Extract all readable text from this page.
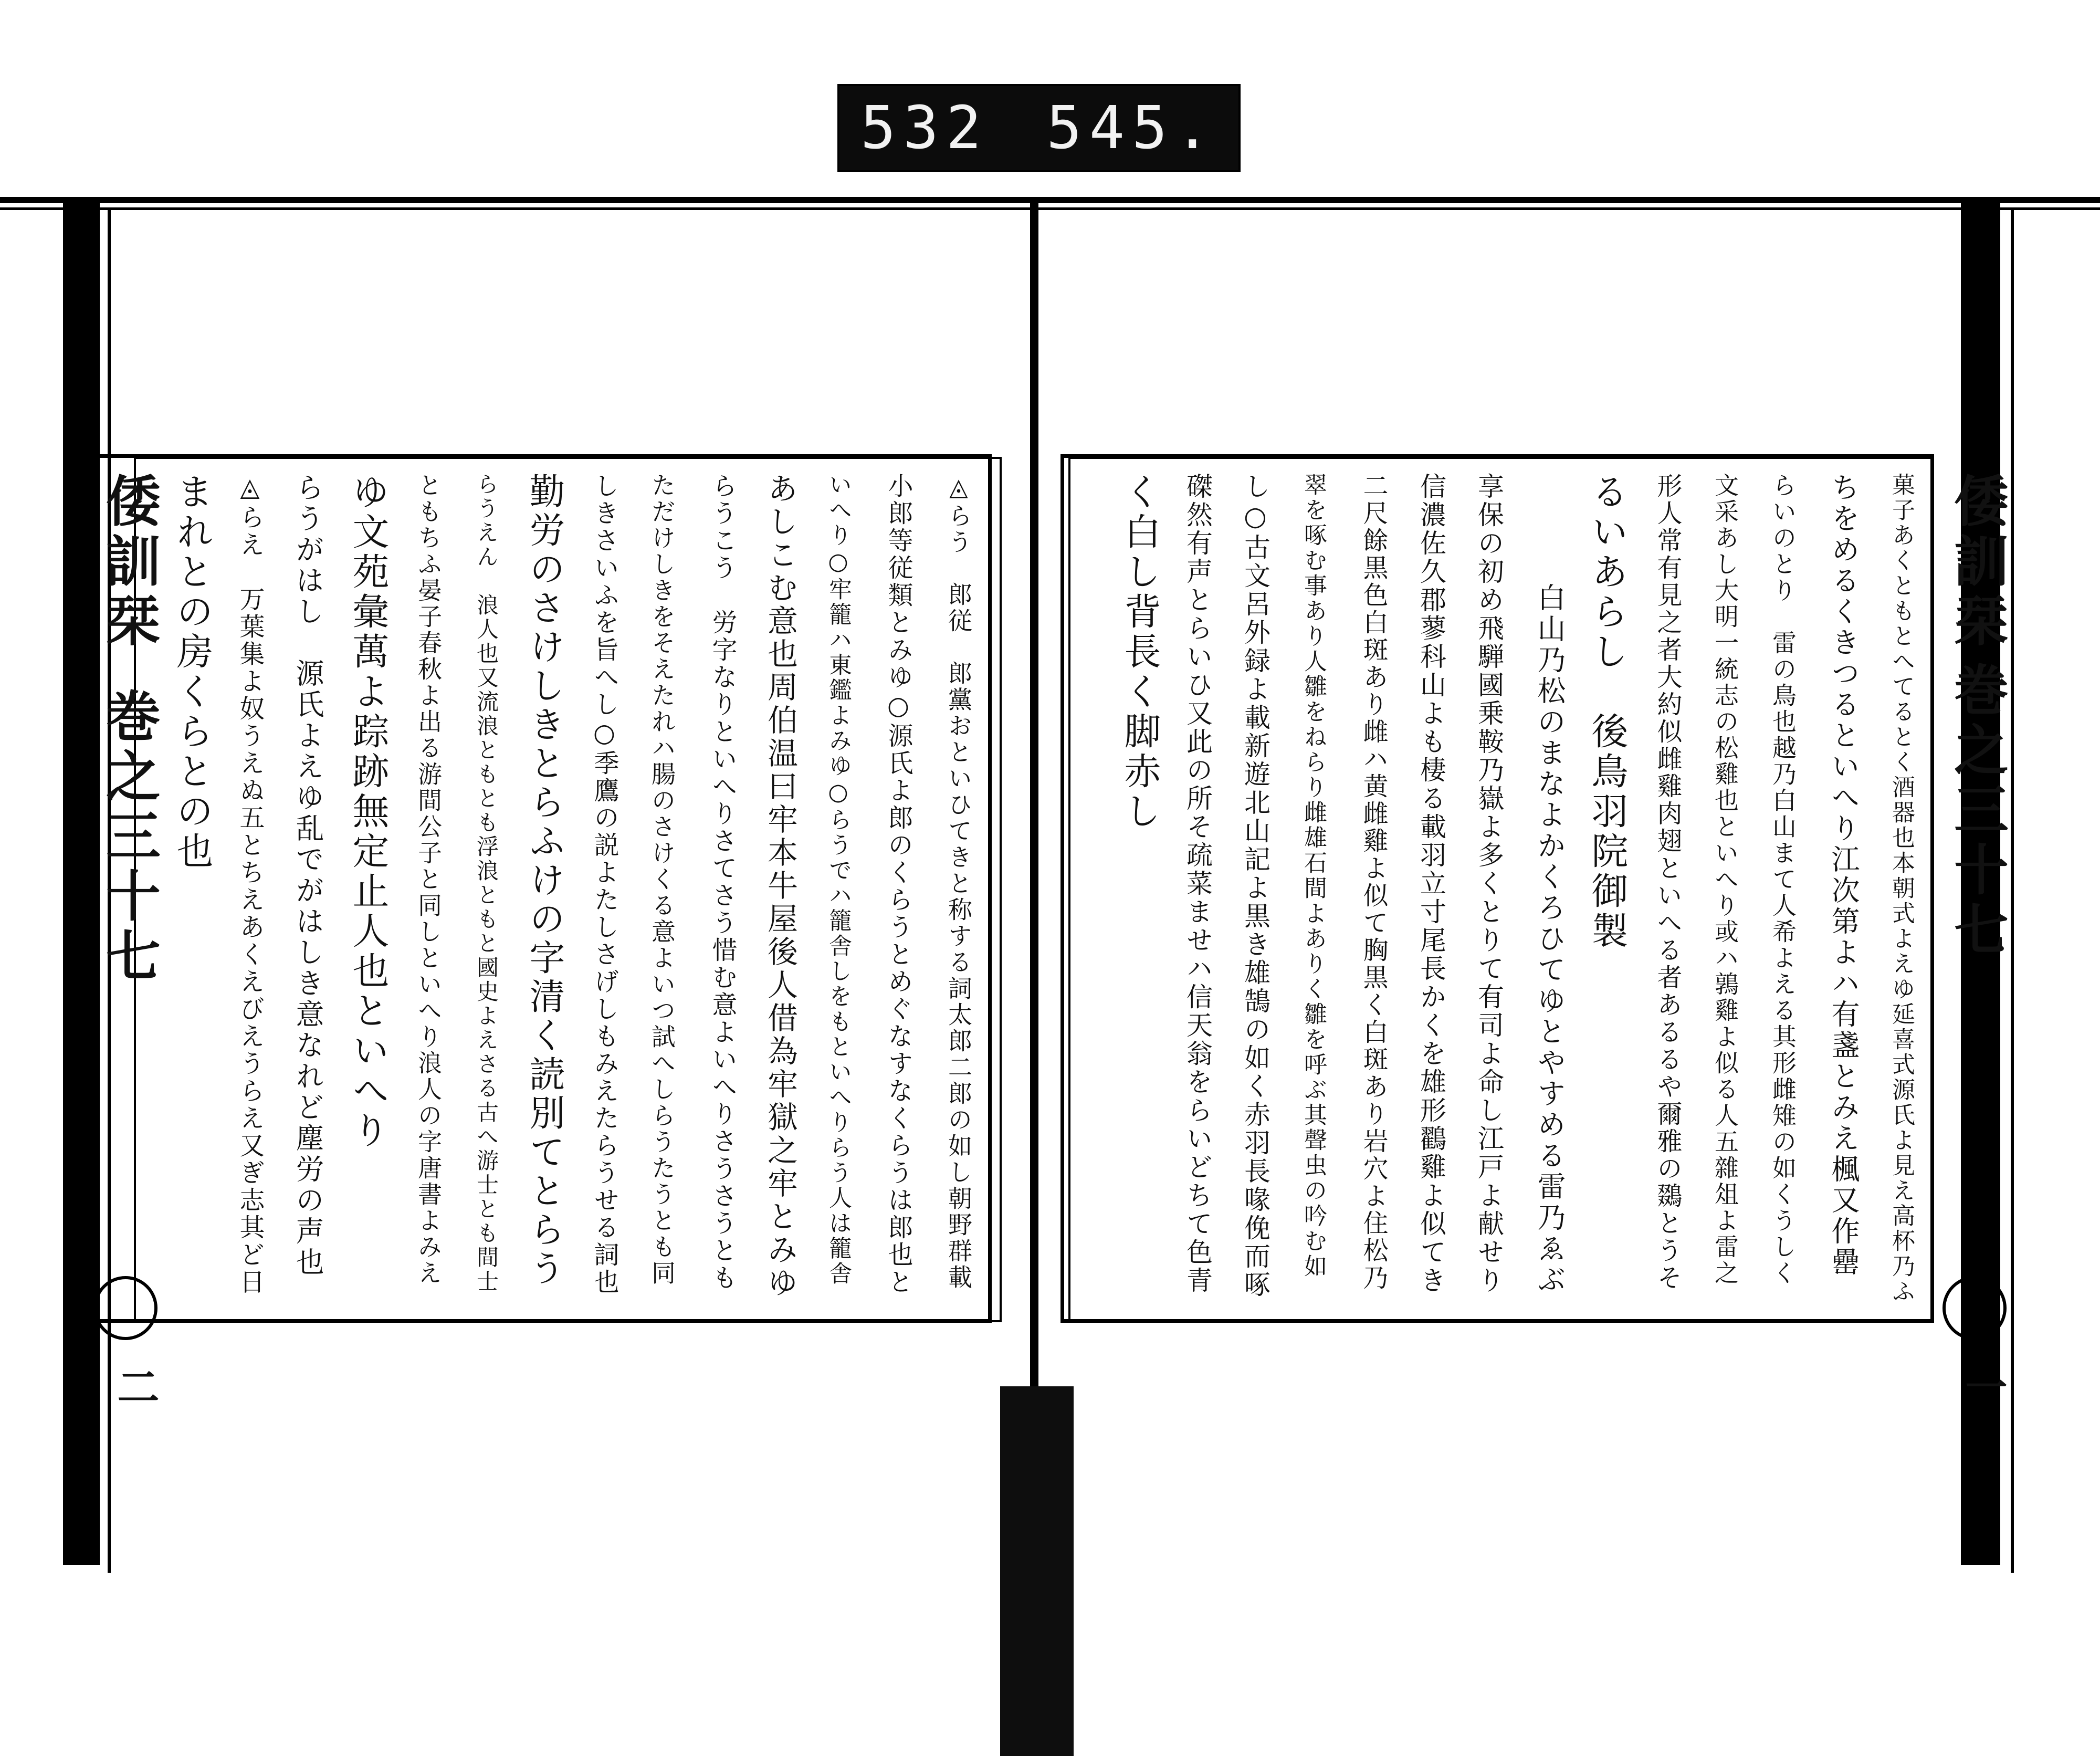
532 545.
倭訓栞
巻之三十七
二
◬らう　郎従　郎黨おといひてきと称する詞太郎二郎の如し朝野群載
小郎等従類とみゆ○源氏よ郎のくらうとめぐなすなくらうは郎也と
いへり○牢籠ハ東鑑よみゆ○らうでハ籠舎しをもといへりらう人は籠舎
あしこむ意也周伯温曰牢本牛屋後人借為牢獄之牢とみゆ
らうこう　労字なりといへりさてさう惜む意よいへりさうさうとも
ただけしきをそえたれハ腸のさけくる意よいつ試へしらうたうとも同
しきさいふを旨へし○季鷹の説よたしさげしもみえたらうせる詞也
勤労のさけしきとらふけの字清く読別てとらう
らうえん　浪人也又流浪ともとも浮浪ともと國史よえさる古へ游士とも間士
ともちふ晏子春秋よ出る游間公子と同しといへり浪人の字唐書よみえ
ゆ文苑彙萬よ踪跡無定止人也といへり
らうがはし　源氏よえゆ乱でがはしき意なれど塵労の声也
◬らえ　万葉集よ奴うえぬ五とちえあくえびえうらえ又ぎ志其ど日
まれとの房くらとの也	倭訓栞
巻之三十七
一
菓子あくともとへてるとく酒器也本朝式よえゆ延喜式源氏よ見え高杯乃ふ
ちをめるくきつるといへり江次第よハ有盞とみえ楓又作罍
らいのとり　雷の鳥也越乃白山まて人希よえる其形雌雉の如くうしく
文采あし大明一統志の松雞也といへり或ハ鶉雞よ似る人五雜俎よ雷之
形人常有見之者大約似雌雞肉翅といへる者あるるや爾雅の鵽とうそ
るいあらし　後鳥羽院御製
白山乃松のまなよかくろひてゆとやすめる雷乃ゑぶ
享保の初め飛騨國乗鞍乃嶽よ多くとりて有司よ命し江戸よ献せり
信濃佐久郡蓼科山よも棲る載羽立寸尾長かくを雄形鸐雞よ似てき
二尺餘黒色白斑あり雌ハ黄雌雞よ似て胸黒く白斑あり岩穴よ住松乃
翠を啄む事あり人雛をねらり雌雄石間よありく雛を呼ぶ其聲虫の吟む如
し○古文呂外録よ載新遊北山記よ黒き雄鵠の如く赤羽長喙俛而啄
磔然有声とらいひ又此の所そ疏菜ませハ信天翁をらいどちて色青
く白し背長く脚赤し
